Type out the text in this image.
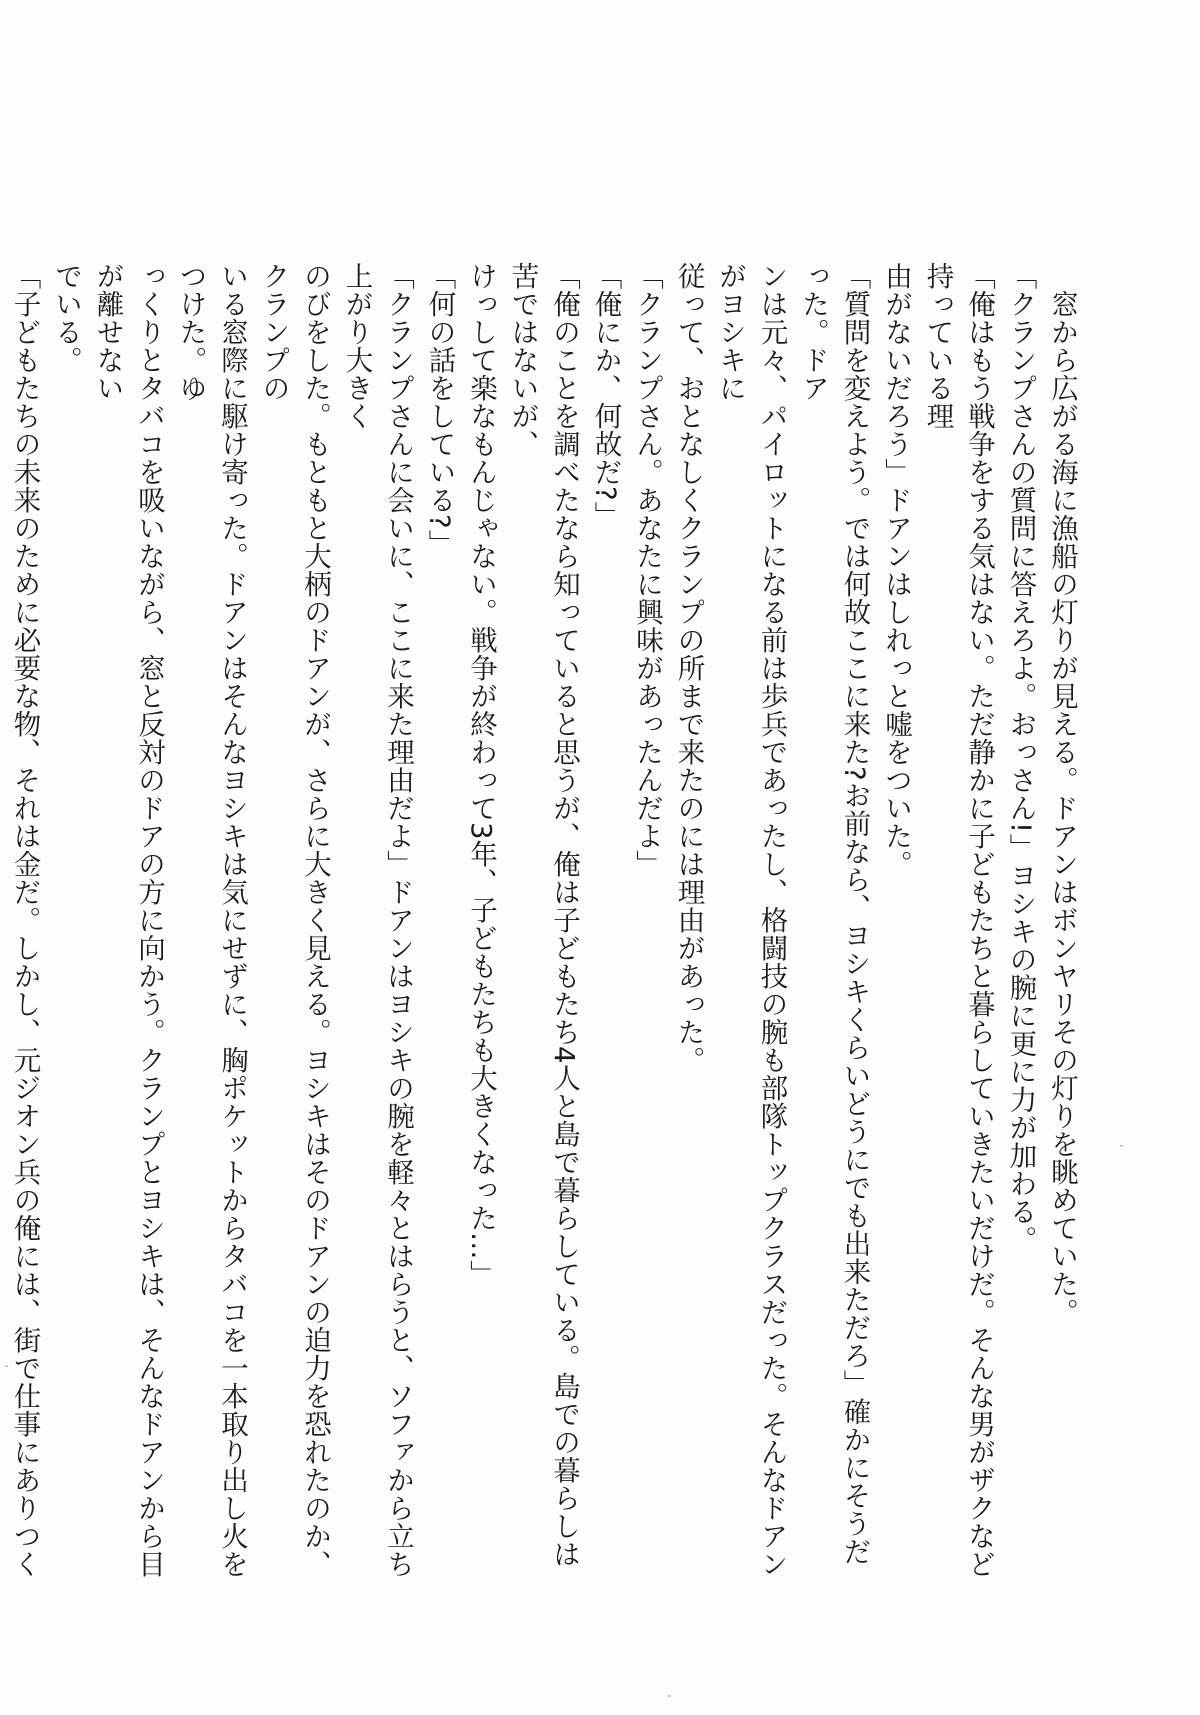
　窓から広がる海に漁船の灯りが見える。ドアンはボンヤリその灯りを眺めていた。
「クランプさんの質問に答えろよ。おっさん!」ヨシキの腕に更に力が加わる。
「俺はもう戦争をする気はない。ただ静かに子どもたちと暮らしていきたいだけだ。そんな男がザクなど持っている理
由がないだろう」ドアンはしれっと嘘をついた。
「質問を変えよう。では何故ここに来た?お前なら、ヨシキくらいどうにでも出来ただろ」確かにそうだった。ドア
ンは元々、パイロットになる前は歩兵であったし、格闘技の腕も部隊トップクラスだった。そんなドアンがヨシキに
従って、おとなしくクランプの所まで来たのには理由があった。
「クランプさん。あなたに興味があったんだよ」
「俺にか、何故だ?」
「俺のことを調べたなら知っていると思うが、俺は子どもたち4人と島で暮らしている。島での暮らしは苦ではないが、
けっして楽なもんじゃない。戦争が終わって3年、子どもたちも大きくなった…」
「何の話をしている?」
「クランプさんに会いに、ここに来た理由だよ」ドアンはヨシキの腕を軽々とはらうと、ソファから立ち上がり大きく
のびをした。もともと大柄のドアンが、さらに大きく見える。ヨシキはそのドアンの迫力を恐れたのか、クランプの
いる窓際に駆け寄った。ドアンはそんなヨシキは気にせずに、胸ポケットからタバコを一本取り出し火をつけた。ゆ
っくりとタバコを吸いながら、窓と反対のドアの方に向かう。クランプとヨシキは、そんなドアンから目が離せない
でいる。
「子どもたちの未来のために必要な物、それは金だ。しかし、元ジオン兵の俺には、街で仕事にありつく
